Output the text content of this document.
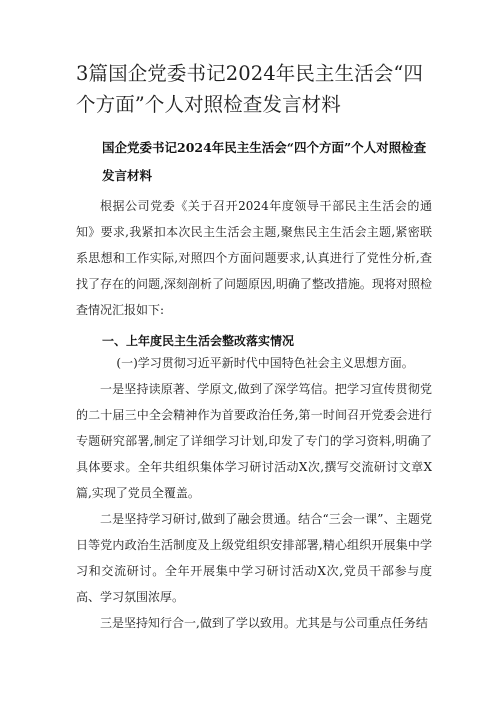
3篇国企党委书记2024年民主生活会“四个方面”个人对照检查发言材料
国企党委书记2024年民主生活会“四个方面”个人对照检查发言材料

根据公司党委《关于召开2024年度领导干部民主生活会的通知》要求,我紧扣本次民主生活会主题,聚焦民主生活会主题,紧密联系思想和工作实际,对照四个方面问题要求,认真进行了党性分析,查找了存在的问题,深刻剖析了问题原因,明确了整改措施。现将对照检查情况汇报如下:

一、上年度民主生活会整改落实情况
(一)学习贯彻习近平新时代中国特色社会主义思想方面。

一是坚持读原著、学原文,做到了深学笃信。把学习宣传贯彻党的二十届三中全会精神作为首要政治任务,第一时间召开党委会进行专题研究部署,制定了详细学习计划,印发了专门的学习资料,明确了具体要求。全年共组织集体学习研讨活动X次,撰写交流研讨文章X篇,实现了党员全覆盖。

二是坚持学习研讨,做到了融会贯通。结合“三会一课”、主题党日等党内政治生活制度及上级党组织安排部署,精心组织开展集中学习和交流研讨。全年开展集中学习研讨活动X次,党员干部参与度高、学习氛围浓厚。

三是坚持知行合一,做到了学以致用。尤其是与公司重点任务结
